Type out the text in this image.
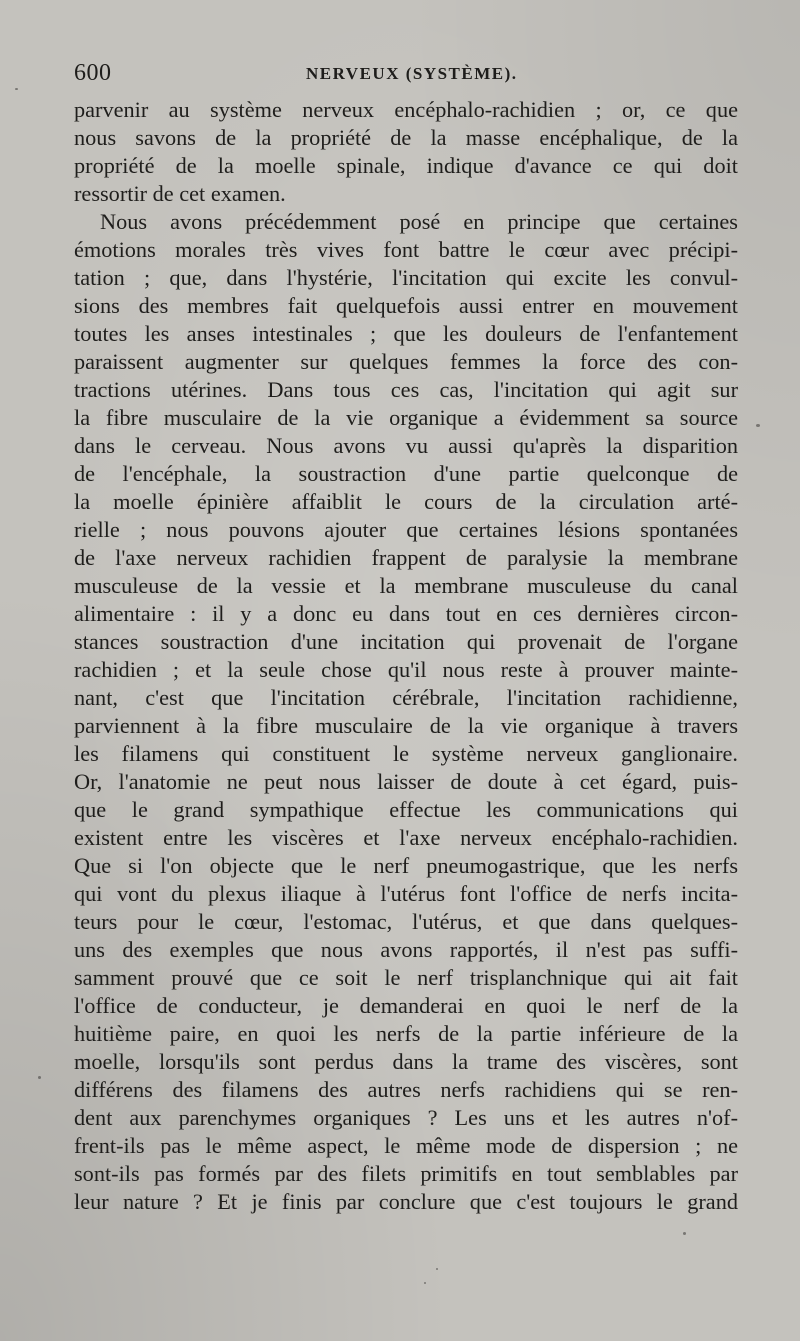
600	NERVEUX (SYSTÈME).
parvenir au système nerveux encéphalo-rachidien ; or, ce que
nous savons de la propriété de la masse encéphalique, de la
propriété de la moelle spinale, indique d'avance ce qui doit
ressortir de cet examen.
Nous avons précédemment posé en principe que certaines
émotions morales très vives font battre le cœur avec précipi-
tation ; que, dans l'hystérie, l'incitation qui excite les convul-
sions des membres fait quelquefois aussi entrer en mouvement
toutes les anses intestinales ; que les douleurs de l'enfantement
paraissent augmenter sur quelques femmes la force des con-
tractions utérines. Dans tous ces cas, l'incitation qui agit sur
la fibre musculaire de la vie organique a évidemment sa source
dans le cerveau. Nous avons vu aussi qu'après la disparition
de l'encéphale, la soustraction d'une partie quelconque de
la moelle épinière affaiblit le cours de la circulation arté-
rielle ; nous pouvons ajouter que certaines lésions spontanées
de l'axe nerveux rachidien frappent de paralysie la membrane
musculeuse de la vessie et la membrane musculeuse du canal
alimentaire : il y a donc eu dans tout en ces dernières circon-
stances soustraction d'une incitation qui provenait de l'organe
rachidien ; et la seule chose qu'il nous reste à prouver mainte-
nant, c'est que l'incitation cérébrale, l'incitation rachidienne,
parviennent à la fibre musculaire de la vie organique à travers
les filamens qui constituent le système nerveux ganglionaire.
Or, l'anatomie ne peut nous laisser de doute à cet égard, puis-
que le grand sympathique effectue les communications qui
existent entre les viscères et l'axe nerveux encéphalo-rachidien.
Que si l'on objecte que le nerf pneumogastrique, que les nerfs
qui vont du plexus iliaque à l'utérus font l'office de nerfs incita-
teurs pour le cœur, l'estomac, l'utérus, et que dans quelques-
uns des exemples que nous avons rapportés, il n'est pas suffi-
samment prouvé que ce soit le nerf trisplanchnique qui ait fait
l'office de conducteur, je demanderai en quoi le nerf de la
huitième paire, en quoi les nerfs de la partie inférieure de la
moelle, lorsqu'ils sont perdus dans la trame des viscères, sont
différens des filamens des autres nerfs rachidiens qui se ren-
dent aux parenchymes organiques ? Les uns et les autres n'of-
frent-ils pas le même aspect, le même mode de dispersion ; ne
sont-ils pas formés par des filets primitifs en tout semblables par
leur nature ? Et je finis par conclure que c'est toujours le grand
